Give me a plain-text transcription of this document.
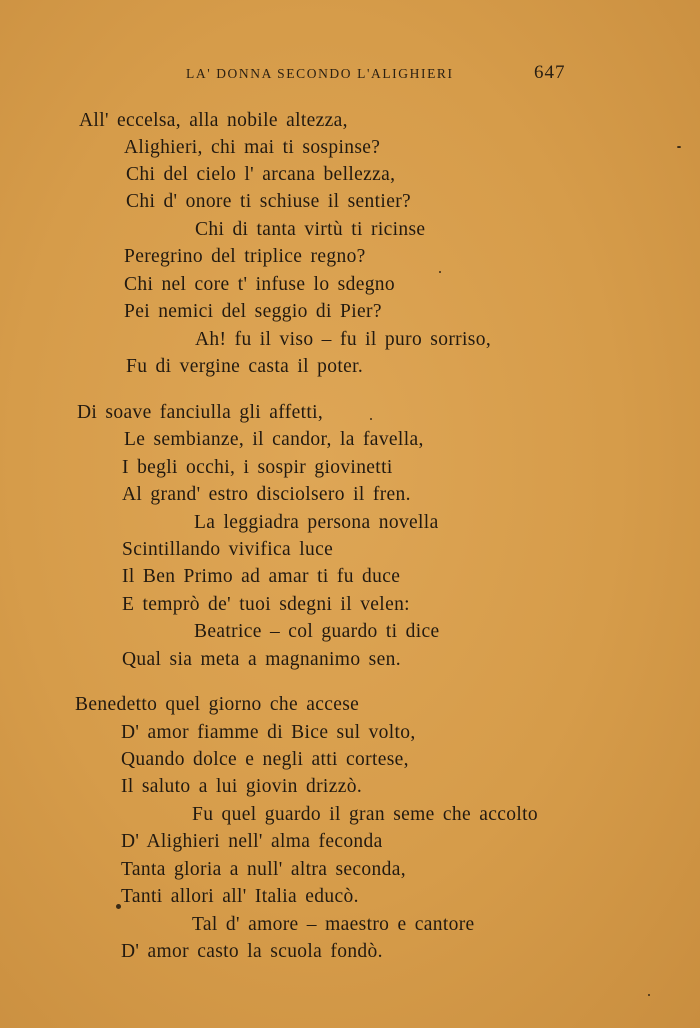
LA' DONNA SECONDO L'ALIGHIERI	647
All' eccelsa, alla nobile altezza,
Alighieri, chi mai ti sospinse?
Chi del cielo l' arcana bellezza,
Chi d' onore ti schiuse il sentier?
Chi di tanta virtù ti ricinse
Peregrino del triplice regno?
Chi nel core t' infuse lo sdegno
Pei nemici del seggio di Pier?
Ah! fu il viso – fu il puro sorriso,
Fu di vergine casta il poter.
Di soave fanciulla gli affetti,
Le sembianze, il candor, la favella,
I begli occhi, i sospir giovinetti
Al grand' estro disciolsero il fren.
La leggiadra persona novella
Scintillando vivifica luce
Il Ben Primo ad amar ti fu duce
E temprò de' tuoi sdegni il velen:
Beatrice – col guardo ti dice
Qual sia meta a magnanimo sen.
Benedetto quel giorno che accese
D' amor fiamme di Bice sul volto,
Quando dolce e negli atti cortese,
Il saluto a lui giovin drizzò.
Fu quel guardo il gran seme che accolto
D' Alighieri nell' alma feconda
Tanta gloria a null' altra seconda,
Tanti allori all' Italia educò.
Tal d' amore – maestro e cantore
D' amor casto la scuola fondò.
